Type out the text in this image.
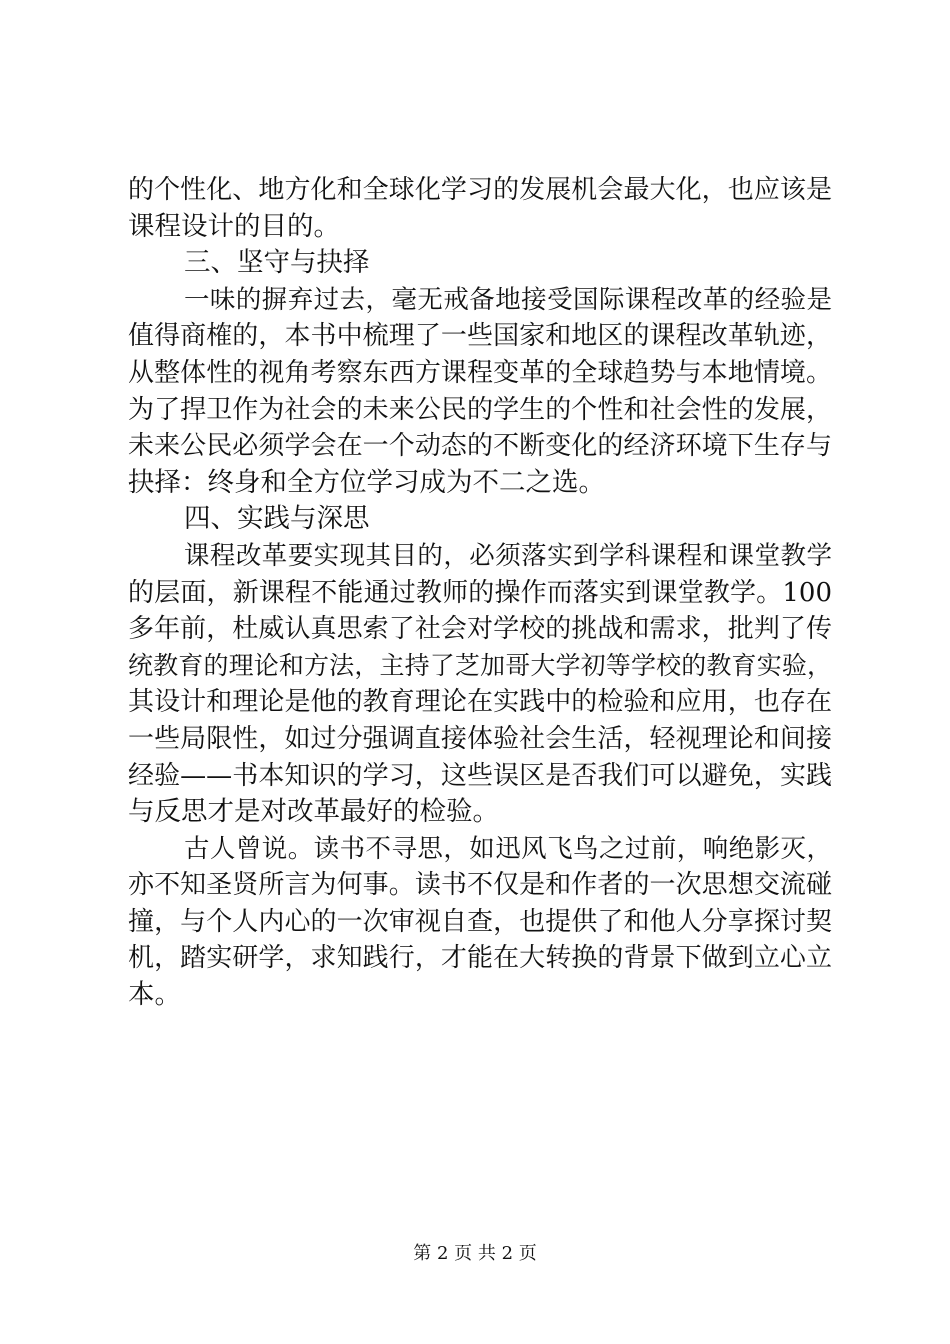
的个性化、地方化和全球化学习的发展机会最大化，也应该是
课程设计的目的。
三、坚守与抉择
一味的摒弃过去，毫无戒备地接受国际课程改革的经验是
值得商榷的，本书中梳理了一些国家和地区的课程改革轨迹，
从整体性的视角考察东西方课程变革的全球趋势与本地情境。
为了捍卫作为社会的未来公民的学生的个性和社会性的发展，
未来公民必须学会在一个动态的不断变化的经济环境下生存与
抉择：终身和全方位学习成为不二之选。
四、实践与深思
课程改革要实现其目的，必须落实到学科课程和课堂教学
的层面，新课程不能通过教师的操作而落实到课堂教学。100
多年前，杜威认真思索了社会对学校的挑战和需求，批判了传
统教育的理论和方法，主持了芝加哥大学初等学校的教育实验，
其设计和理论是他的教育理论在实践中的检验和应用，也存在
一些局限性，如过分强调直接体验社会生活，轻视理论和间接
经验——书本知识的学习，这些误区是否我们可以避免，实践
与反思才是对改革最好的检验。
古人曾说。读书不寻思，如迅风飞鸟之过前，响绝影灭，
亦不知圣贤所言为何事。读书不仅是和作者的一次思想交流碰
撞，与个人内心的一次审视自查，也提供了和他人分享探讨契
机，踏实研学，求知践行，才能在大转换的背景下做到立心立
本。
第 2 页 共 2 页
